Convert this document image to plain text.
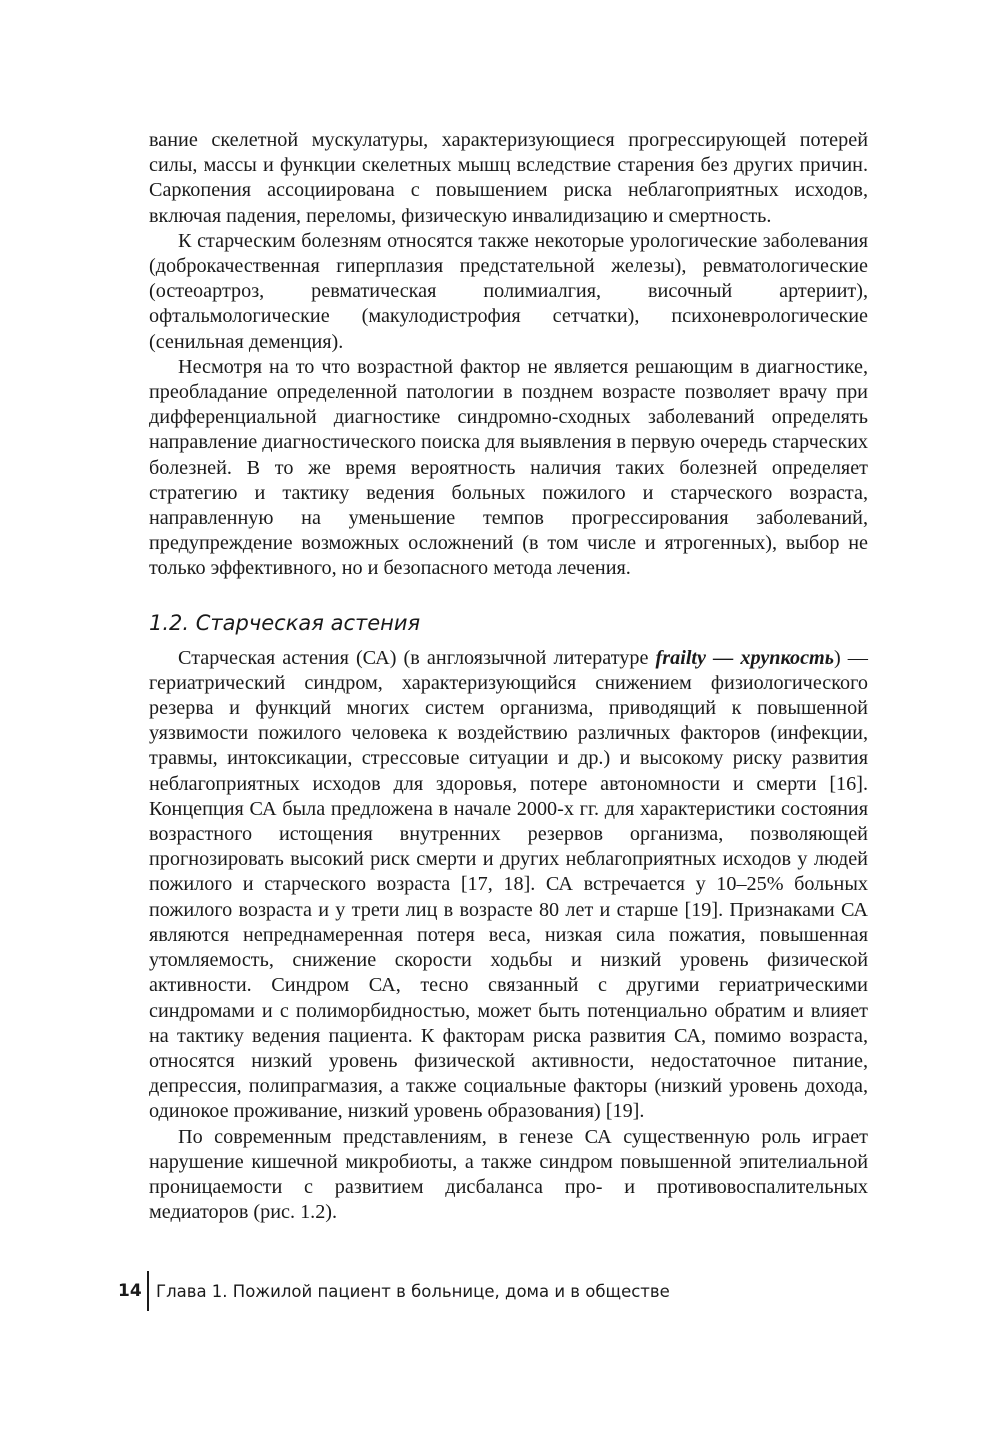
вание скелетной мускулатуры, характеризующиеся прогрессирующей потерей силы, массы и функции скелетных мышц вследствие старения без других причин. Саркопения ассоциирована с повышением риска неблагоприятных исходов, включая падения, переломы, физическую инвалидизацию и смертность.

К старческим болезням относятся также некоторые урологические заболевания (доброкачественная гиперплазия предстательной железы), ревматологические (остеоартроз, ревматическая полимиалгия, височный артериит), офтальмологические (макулодистрофия сетчатки), психоневрологические (сенильная деменция).

Несмотря на то что возрастной фактор не является решающим в диагностике, преобладание определенной патологии в позднем возрасте позволяет врачу при дифференциальной диагностике синдромно-сходных заболеваний определять направление диагностического поиска для выявления в первую очередь старческих болезней. В то же время вероятность наличия таких болезней определяет стратегию и тактику ведения больных пожилого и старческого возраста, направленную на уменьшение темпов прогрессирования заболеваний, предупреждение возможных осложнений (в том числе и ятрогенных), выбор не только эффективного, но и безопасного метода лечения.

1.2. Старческая астения

Старческая астения (СА) (в англоязычной литературе frailty — хрупкость) — гериатрический синдром, характеризующийся снижением физиологического резерва и функций многих систем организма, приводящий к повышенной уязвимости пожилого человека к воздействию различных факторов (инфекции, травмы, интоксикации, стрессовые ситуации и др.) и высокому риску развития неблагоприятных исходов для здоровья, потере автономности и смерти [16]. Концепция СА была предложена в начале 2000-х гг. для характеристики состояния возрастного истощения внутренних резервов организма, позволяющей прогнозировать высокий риск смерти и других неблагоприятных исходов у людей пожилого и старческого возраста [17, 18]. СА встречается у 10–25% больных пожилого возраста и у трети лиц в возрасте 80 лет и старше [19]. Признаками СА являются непреднамеренная потеря веса, низкая сила пожатия, повышенная утомляемость, снижение скорости ходьбы и низкий уровень физической активности. Синдром СА, тесно связанный с другими гериатрическими синдромами и с полиморбидностью, может быть потенциально обратим и влияет на тактику ведения пациента. К факторам риска развития СА, помимо возраста, относятся низкий уровень физической активности, недостаточное питание, депрессия, полипрагмазия, а также социальные факторы (низкий уровень дохода, одинокое проживание, низкий уровень образования) [19].

По современным представлениям, в генезе СА существенную роль играет нарушение кишечной микробиоты, а также синдром повышенной эпителиальной проницаемости с развитием дисбаланса про- и противовоспалительных медиаторов (рис. 1.2).

14 Глава 1. Пожилой пациент в больнице, дома и в обществе
